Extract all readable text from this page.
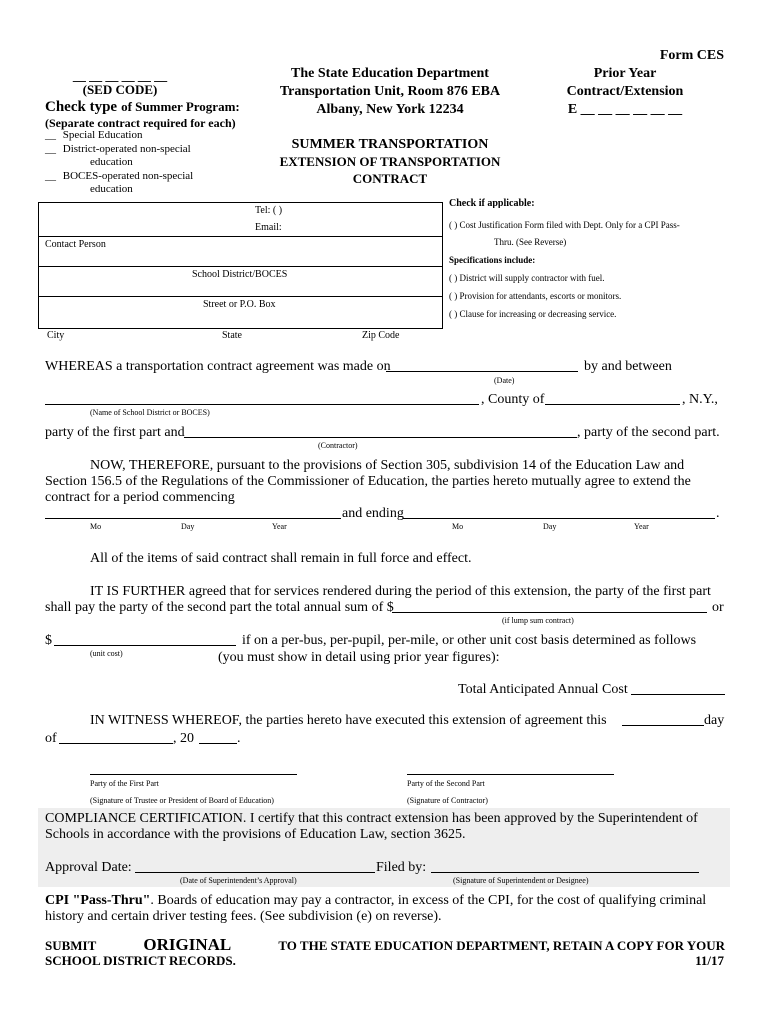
Form CES
__ __ __ __ __ __
(SED CODE)
Check type of Summer Program:
(Separate contract required for each)
__ Special Education
__ District-operated non-special
education
__ BOCES-operated non-special
education
The State Education Department
Transportation Unit, Room 876 EBA
Albany, New York 12234
SUMMER TRANSPORTATION
EXTENSION OF TRANSPORTATION
CONTRACT
Prior Year
Contract/Extension
E __ __ __ __ __ __
Tel: ( )
Email:
Contact Person
School District/BOCES
Street or P.O. Box
City	State	Zip Code
Check if applicable:
( ) Cost Justification Form filed with Dept. Only for a CPI Pass-
Thru. (See Reverse)
Specifications include:
( ) District will supply contractor with fuel.
( ) Provision for attendants, escorts or monitors.
( ) Clause for increasing or decreasing service.
WHEREAS a transportation contract agreement was made on	by and between
(Date)
, County of	, N.Y.,
(Name of School District or BOCES)
party of the first part and	, party of the second part.
(Contractor)
NOW, THEREFORE, pursuant to the provisions of Section 305, subdivision 14 of the Education Law and Section 156.5 of the Regulations of the Commissioner of Education, the parties hereto mutually agree to extend the contract for a period commencing
and ending	.
Mo	Day	Year	Mo	Day	Year
All of the items of said contract shall remain in full force and effect.
IT IS FURTHER agreed that for services rendered during the period of this extension, the party of the first part
shall pay the party of the second part the total annual sum of $	or
(if lump sum contract)
$	if on a per-bus, per-pupil, per-mile, or other unit cost basis determined as follows
(unit cost)	(you must show in detail using prior year figures):
Total Anticipated Annual Cost
IN WITNESS WHEREOF, the parties hereto have executed this extension of agreement this	day
of	, 20	.
Party of the First Part
(Signature of Trustee or President of Board of Education)
Party of the Second Part
(Signature of Contractor)
COMPLIANCE CERTIFICATION. I certify that this contract extension has been approved by the Superintendent of Schools in accordance with the provisions of Education Law, section 3625.
Approval Date:	Filed by:
(Date of Superintendent’s Approval)	(Signature of Superintendent or Designee)
CPI "Pass-Thru". Boards of education may pay a contractor, in excess of the CPI, for the cost of qualifying criminal history and certain driver testing fees. (See subdivision (e) on reverse).
SUBMIT	ORIGINAL	TO THE STATE EDUCATION DEPARTMENT, RETAIN A COPY FOR YOUR
SCHOOL DISTRICT RECORDS.	11/17
